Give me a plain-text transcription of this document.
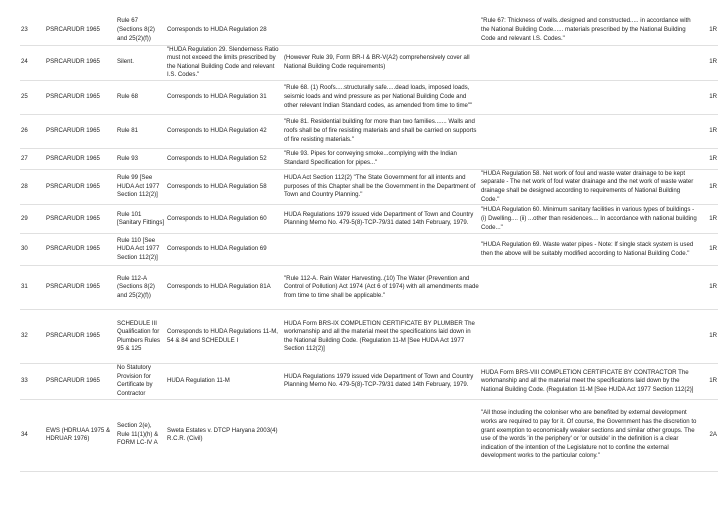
23	PSRCARUDR 1965	Rule 67 (Sections 8(2) and 25(2)(f))	Corresponds to HUDA Regulation 28		"Rule 67: Thickness of walls..designed and constructed..... in accordance with the National Building Code...... materials prescribed by the National Building Code and relevant I.S. Codes."	1R
24	PSRCARUDR 1965	Silent.	"HUDA Regulation 29. Slenderness Ratio must not exceed the limits prescribed by the National Building Code and relevant I.S. Codes."	(However Rule 39, Form BR-I & BR-V(A2) comprehensively cover all National Building Code requirements)		1R
25	PSRCARUDR 1965	Rule 68	Corresponds to HUDA Regulation 31	"Rule 68. (1) Roofs.....structurally safe.....dead loads, imposed loads, seismic loads and wind pressure as per National Building Code and other relevant Indian Standard codes, as amended from time to time""		1R
26	PSRCARUDR 1965	Rule 81	Corresponds to HUDA Regulation 42	"Rule 81. Residential building for more than two families....... Walls and roofs shall be of fire resisting materials and shall be carried on supports of fire resisting materials."		1R
27	PSRCARUDR 1965	Rule 93	Corresponds to HUDA Regulation 52	"Rule 93. Pipes for conveying smoke...complying with the Indian Standard Specification for pipes..."		1R
28	PSRCARUDR 1965	Rule 99 [See HUDA Act 1977 Section 112(2)]	Corresponds to HUDA Regulation 58	HUDA Act Section 112(2) "The State Government for all intents and purposes of this Chapter shall be the Government in the Department of Town and Country Planning."	"HUDA Regulation 58. Net work of foul and waste water drainage to be kept separate - The net work of foul water drainage and the net work of waste water drainage shall be designed according to requirements of National Building Code."	1R
29	PSRCARUDR 1965	Rule 101 [Sanitary Fittings]	Corresponds to HUDA Regulation 60	HUDA Regulations 1979 issued vide Department of Town and Country Planning Memo No. 479-5(8)-TCP-79/31 dated 14th February, 1979.	"HUDA Regulation 60. Minimum sanitary facilities in various types of buildings - (i) Dwelling.... (ii) ...other than residences.... In accordance with national building Code..."	1R
30	PSRCARUDR 1965	Rule 110 [See HUDA Act 1977 Section 112(2)]	Corresponds to HUDA Regulation 69		"HUDA Regulation 69. Waste water pipes - Note: If single stack system is used then the above will be suitably modified according to National Building Code."	1R
31	PSRCARUDR 1965	Rule 112-A (Sections 8(2) and 25(2)(f))	Corresponds to HUDA Regulation 81A	"Rule 112-A. Rain Water Harvesting..(10) The Water (Prevention and Control of Pollution) Act 1974 (Act 6 of 1974) with all amendments made from time to time shall be applicable."		1R
32	PSRCARUDR 1965	SCHEDULE III Qualification for Plumbers Rules 95 & 125	Corresponds to HUDA Regulations 11-M, 54 & 84 and SCHEDULE I	HUDA Form BRS-IX COMPLETION CERTIFICATE BY PLUMBER The workmanship and all the material meet the specifications laid down in the National Building Code. (Regulation 11-M [See HUDA Act 1977 Section 112(2)]		1R
33	PSRCARUDR 1965	No Statutory Provision for Certificate by Contractor	HUDA Regulation 11-M	HUDA Regulations 1979 issued vide Department of Town and Country Planning Memo No. 479-5(8)-TCP-79/31 dated 14th February, 1979.	HUDA Form BRS-VIII COMPLETION CERTIFICATE BY CONTRACTOR The workmanship and all the material meet the specifications laid down by the National Building Code. (Regulation 11-M [See HUDA Act 1977 Section 112(2)]	1R
34	EWS (HDRUAA 1975 & HDRUAR 1976)	Section 2(e), Rule 11(1)(h) & FORM LC-IV A	Sweta Estates v. DTCP Haryana 2003(4) R.C.R. (Civil)		"All those including the coloniser who are benefited by external development works are required to pay for it. Of course, the Government has the discretion to grant exemption to economically weaker sections and similar other groups. The use of the words 'in the periphery' or 'or outside' in the definition is a clear indication of the intention of the Legislature not to confine the external development works to the particular colony."	2A
